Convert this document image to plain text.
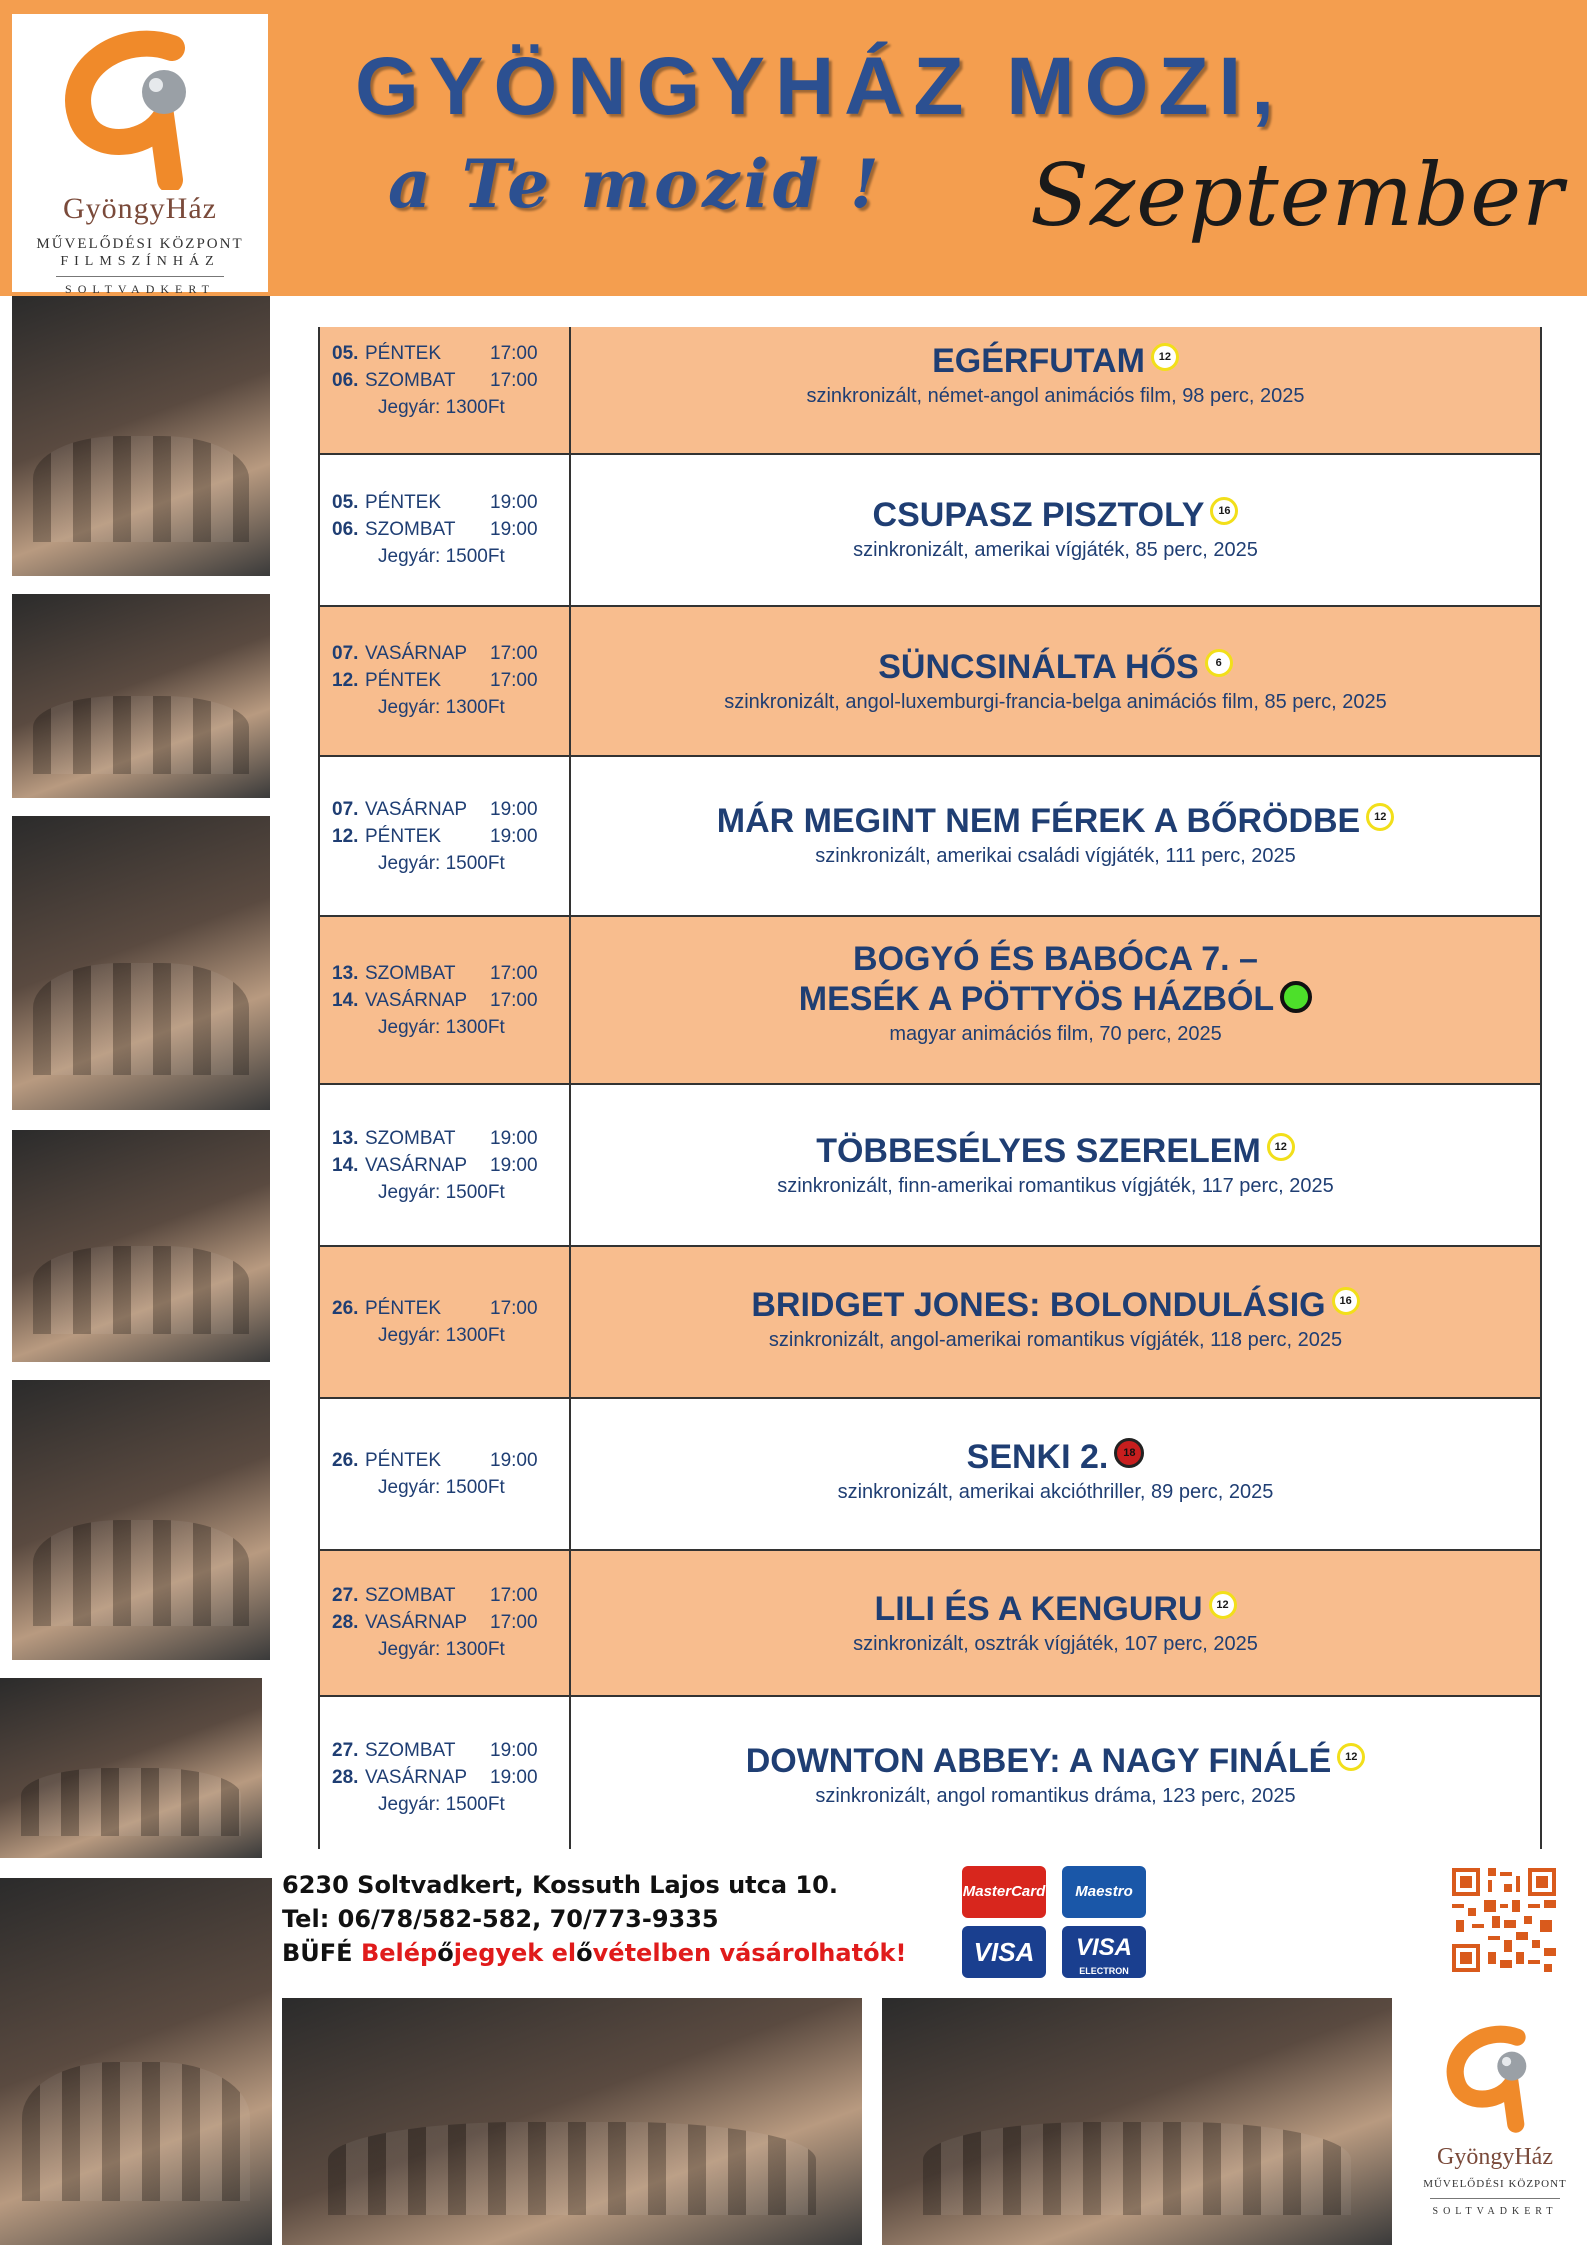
GyöngyHáz
MŰVELŐDÉSI KÖZPONT
FILMSZÍNHÁZ
SOLTVADKERT
GYÖNGYHÁZ MOZI,
a Te mozid ! Szeptember
05. PÉNTEK	17:00
06. SZOMBAT 17:00
Jegyár: 1300Ft
EGÉRFUTAM 12
szinkronizált, német-angol animációs film, 98 perc, 2025
05. PÉNTEK	19:00
06. SZOMBAT 19:00
Jegyár: 1500Ft
CSUPASZ PISZTOLY 16
szinkronizált, amerikai vígjáték, 85 perc, 2025
07. VASÁRNAP 17:00
12. PÉNTEK	17:00
Jegyár: 1300Ft
SÜNCSINÁLTA HŐS 6
szinkronizált, angol-luxemburgi-francia-belga animációs film, 85 perc, 2025
07. VASÁRNAP 19:00
12. PÉNTEK	19:00
Jegyár: 1500Ft
MÁR MEGINT NEM FÉREK A BŐRÖDBE 12
szinkronizált, amerikai családi vígjáték, 111 perc, 2025
13. SZOMBAT 17:00
14. VASÁRNAP 17:00
Jegyár: 1300Ft
BOGYÓ ÉS BABÓCA 7. –
MESÉK A PÖTTYÖS HÁZBÓL
magyar animációs film, 70 perc, 2025
13. SZOMBAT 19:00
14. VASÁRNAP 19:00
Jegyár: 1500Ft
TÖBBESÉLYES SZERELEM 12
szinkronizált, finn-amerikai romantikus vígjáték, 117 perc, 2025
26. PÉNTEK	17:00
Jegyár: 1300Ft
BRIDGET JONES: BOLONDULÁSIG 16
szinkronizált, angol-amerikai romantikus vígjáték, 118 perc, 2025
26. PÉNTEK	19:00
Jegyár: 1500Ft
SENKI 2. 18
szinkronizált, amerikai akcióthriller, 89 perc, 2025
27. SZOMBAT 17:00
28. VASÁRNAP 17:00
Jegyár: 1300Ft
LILI ÉS A KENGURU 12
szinkronizált, osztrák vígjáték, 107 perc, 2025
27. SZOMBAT 19:00
28. VASÁRNAP 19:00
Jegyár: 1500Ft
DOWNTON ABBEY: A NAGY FINÁLÉ 12
szinkronizált, angol romantikus dráma, 123 perc, 2025
6230 Soltvadkert, Kossuth Lajos utca 10.
Tel: 06/78/582-582, 70/773-9335
BÜFÉ Belépőjegyek elővételben vásárolhatók!
MasterCard	Maestro
VISA	VISA
ELECTRON
GyöngyHáz
MŰVELŐDÉSI KÖZPONT
SOLTVADKERT
